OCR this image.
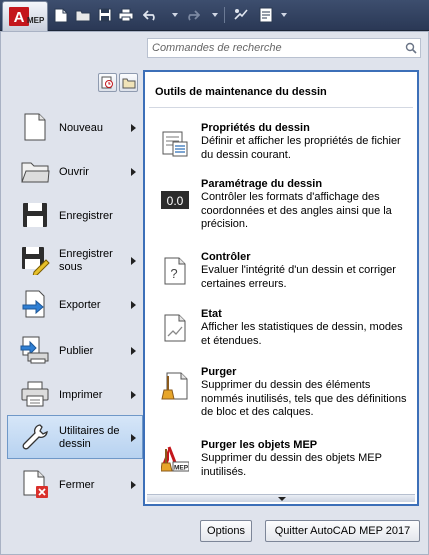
A MEP
Commandes de recherche
Nouveau
Ouvrir
Enregistrer
Enregistrer sous
Exporter
Publier
Imprimer
Utilitaires de dessin
Fermer
Outils de maintenance du dessin
Propriétés du dessin
Définir et afficher les propriétés de fichier du dessin courant.
0.0
Paramétrage du dessin
Contrôler les formats d'affichage des coordonnées et des angles ainsi que la précision.
?
Contrôler
Evaluer l'intégrité d'un dessin et corriger certaines erreurs.
Etat
Afficher les statistiques de dessin, modes et étendues.
Purger
Supprimer du dessin des éléments nommés inutilisés, tels que des définitions de bloc et des calques.
MEP
Purger les objets MEP
Supprimer du dessin des objets MEP inutilisés.
Options	Quitter AutoCAD MEP 2017
